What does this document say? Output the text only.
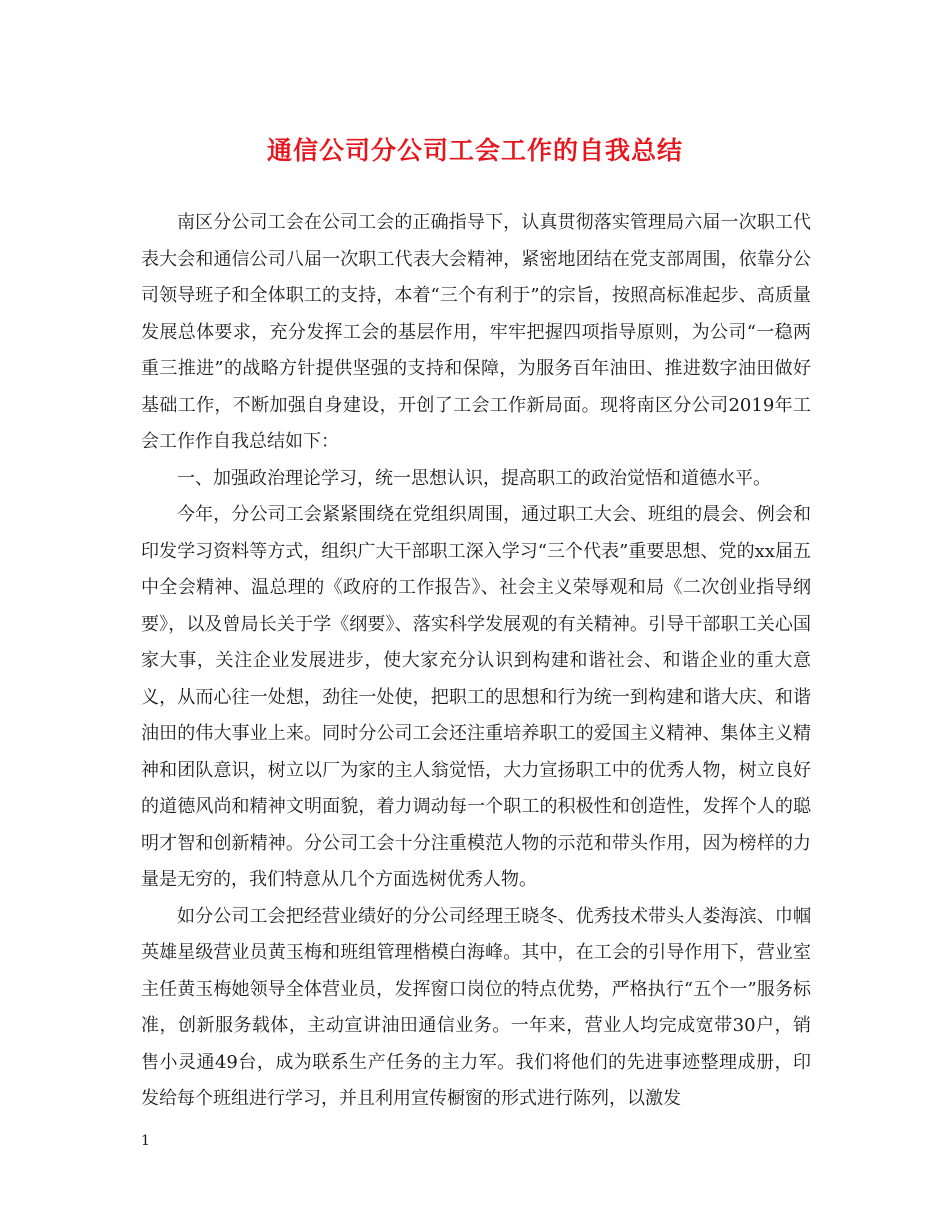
通信公司分公司工会工作的自我总结

南区分公司工会在公司工会的正确指导下，认真贯彻落实管理局六届一次职工代表大会和通信公司八届一次职工代表大会精神，紧密地团结在党支部周围，依靠分公司领导班子和全体职工的支持，本着“三个有利于”的宗旨，按照高标准起步、高质量发展总体要求，充分发挥工会的基层作用，牢牢把握四项指导原则，为公司“一稳两重三推进”的战略方针提供坚强的支持和保障，为服务百年油田、推进数字油田做好基础工作，不断加强自身建设，开创了工会工作新局面。现将南区分公司2019年工会工作作自我总结如下：

一、加强政治理论学习，统一思想认识，提高职工的政治觉悟和道德水平。

今年，分公司工会紧紧围绕在党组织周围，通过职工大会、班组的晨会、例会和印发学习资料等方式，组织广大干部职工深入学习“三个代表”重要思想、党的xx届五中全会精神、温总理的《政府的工作报告》、社会主义荣辱观和局《二次创业指导纲要》，以及曾局长关于学《纲要》、落实科学发展观的有关精神。引导干部职工关心国家大事，关注企业发展进步，使大家充分认识到构建和谐社会、和谐企业的重大意义，从而心往一处想，劲往一处使，把职工的思想和行为统一到构建和谐大庆、和谐油田的伟大事业上来。同时分公司工会还注重培养职工的爱国主义精神、集体主义精神和团队意识，树立以厂为家的主人翁觉悟，大力宣扬职工中的优秀人物，树立良好的道德风尚和精神文明面貌，着力调动每一个职工的积极性和创造性，发挥个人的聪明才智和创新精神。分公司工会十分注重模范人物的示范和带头作用，因为榜样的力量是无穷的，我们特意从几个方面选树优秀人物。

如分公司工会把经营业绩好的分公司经理王晓冬、优秀技术带头人娄海滨、巾帼英雄星级营业员黄玉梅和班组管理楷模白海峰。其中，在工会的引导作用下，营业室主任黄玉梅她领导全体营业员，发挥窗口岗位的特点优势，严格执行“五个一”服务标准，创新服务载体，主动宣讲油田通信业务。一年来，营业人均完成宽带30户，销售小灵通49台，成为联系生产任务的主力军。我们将他们的先进事迹整理成册，印发给每个班组进行学习，并且利用宣传橱窗的形式进行陈列，以激发

1
